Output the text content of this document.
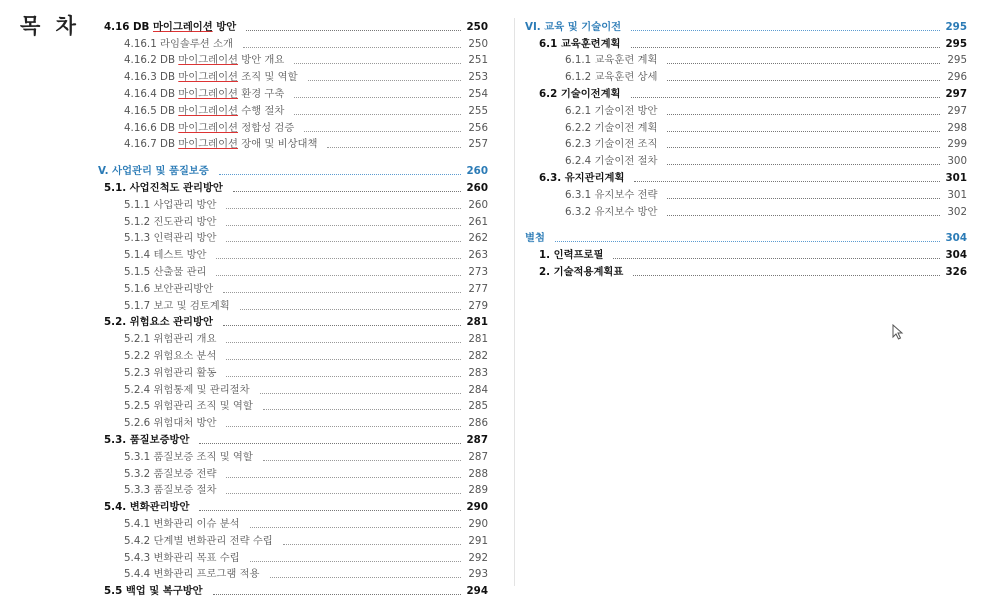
목 차	4.16 DB 마이그레이션 방안	250
4.16.1 라임솔루션 소개	250
4.16.2 DB 마이그레이션 방안 개요	251
4.16.3 DB 마이그레이션 조직 및 역할	253
4.16.4 DB 마이그레이션 환경 구축	254
4.16.5 DB 마이그레이션 수행 절차	255
4.16.6 DB 마이그레이션 정합성 검증	256
4.16.7 DB 마이그레이션 장애 및 비상대책	257
V. 사업관리 및 품질보증	260
5.1. 사업진척도 관리방안	260
5.1.1 사업관리 방안	260
5.1.2 진도관리 방안	261
5.1.3 인력관리 방안	262
5.1.4 테스트 방안	263
5.1.5 산출물 관리	273
5.1.6 보안관리방안	277
5.1.7 보고 및 검토계획	279
5.2. 위험요소 관리방안	281
5.2.1 위험관리 개요	281
5.2.2 위험요소 분석	282
5.2.3 위험관리 활동	283
5.2.4 위험통제 및 관리절차	284
5.2.5 위험관리 조직 및 역할	285
5.2.6 위험대처 방안	286
5.3. 품질보증방안	287
5.3.1 품질보증 조직 및 역할	287
5.3.2 품질보증 전략	288
5.3.3 품질보증 절차	289
5.4. 변화관리방안	290
5.4.1 변화관리 이슈 분석	290
5.4.2 단계별 변화관리 전략 수립	291
5.4.3 변화관리 목표 수립	292
5.4.4 변화관리 프로그램 적용	293
5.5 백업 및 복구방안	294
VI. 교육 및 기술이전	295
6.1 교육훈련계획	295
6.1.1 교육훈련 계획	295
6.1.2 교육훈련 상세	296
6.2 기술이전계획	297
6.2.1 기술이전 방안	297
6.2.2 기술이전 계획	298
6.2.3 기술이전 조직	299
6.2.4 기술이전 절차	300
6.3. 유지관리계획	301
6.3.1 유지보수 전략	301
6.3.2 유지보수 방안	302
별첨	304
1. 인력프로필	304
2. 기술적용계획표	326
